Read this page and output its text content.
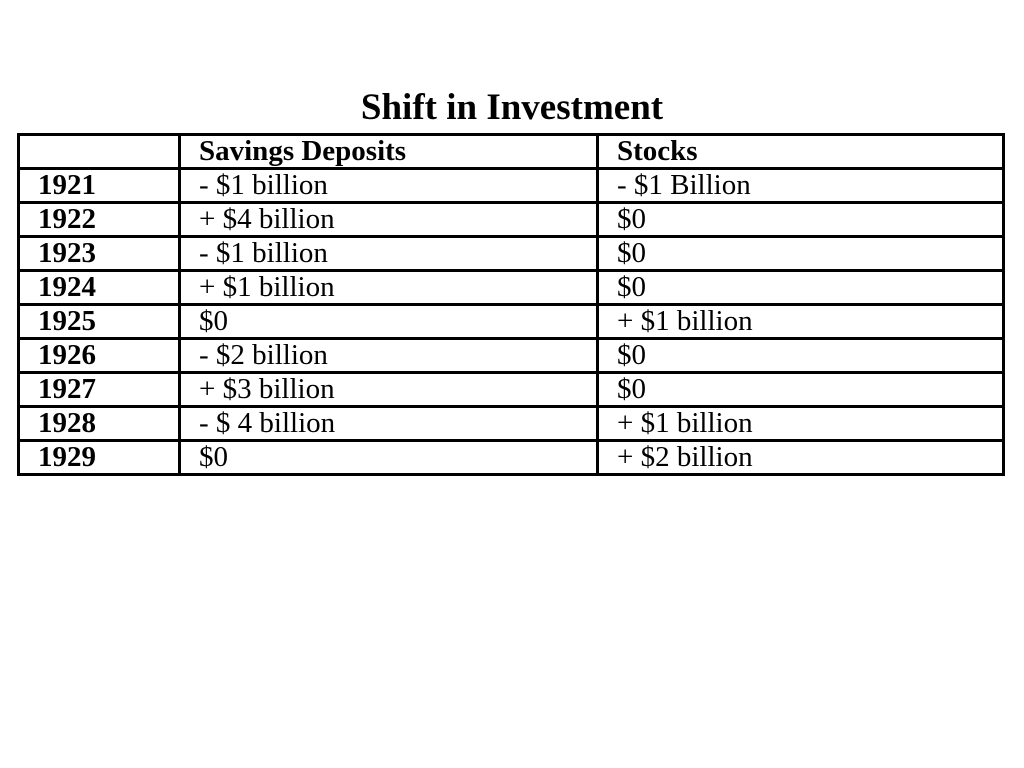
Shift in Investment
	Savings Deposits	Stocks
1921	- $1 billion	- $1 Billion
1922	+ $4 billion	$0
1923	- $1 billion	$0
1924	+ $1 billion	$0
1925	$0	+ $1 billion
1926	- $2 billion	$0
1927	+ $3 billion	$0
1928	- $ 4 billion	+ $1 billion
1929	$0	+ $2 billion
